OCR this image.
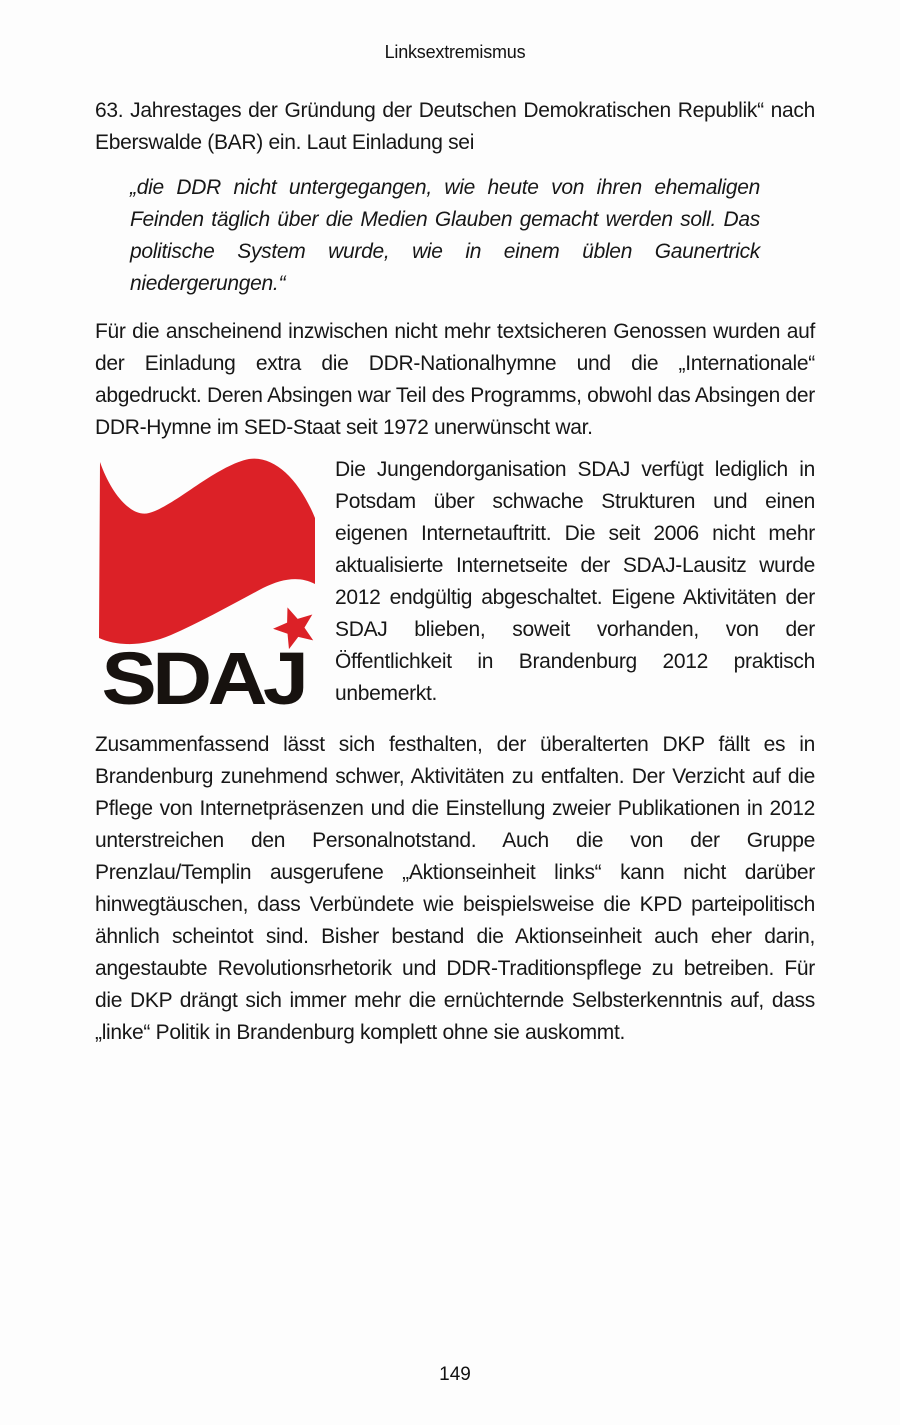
Linksextremismus

63. Jahrestages der Gründung der Deutschen Demokratischen Republik“ nach Eberswalde (BAR) ein. Laut Einladung sei

„die DDR nicht untergegangen, wie heute von ihren ehemaligen Feinden täglich über die Medien Glauben gemacht werden soll. Das politische System wurde, wie in einem üblen Gaunertrick niedergerungen.“

Für die anscheinend inzwischen nicht mehr textsicheren Genossen wurden auf der Einladung extra die DDR-Nationalhymne und die „Internationale“ abgedruckt. Deren Absingen war Teil des Programms, obwohl das Absingen der DDR-Hymne im SED-Staat seit 1972 unerwünscht war.

SDAJ

Die Jungendorganisation SDAJ verfügt lediglich in Potsdam über schwache Strukturen und einen eigenen Internetauftritt. Die seit 2006 nicht mehr aktualisierte Internetseite der SDAJ-Lausitz wurde 2012 endgültig abgeschaltet. Eigene Aktivitäten der SDAJ blieben, soweit vorhanden, von der Öffentlichkeit in Brandenburg 2012 praktisch unbemerkt.

Zusammenfassend lässt sich festhalten, der überalterten DKP fällt es in Brandenburg zunehmend schwer, Aktivitäten zu entfalten. Der Verzicht auf die Pflege von Internetpräsenzen und die Einstellung zweier Publikationen in 2012 unterstreichen den Personalnotstand. Auch die von der Gruppe Prenzlau/Templin ausgerufene „Aktionseinheit links“ kann nicht darüber hinwegtäuschen, dass Verbündete wie beispielsweise die KPD parteipolitisch ähnlich scheintot sind. Bisher bestand die Aktionseinheit auch eher darin, angestaubte Revolutionsrhetorik und DDR-Traditionspflege zu betreiben. Für die DKP drängt sich immer mehr die ernüchternde Selbsterkenntnis auf, dass „linke“ Politik in Brandenburg komplett ohne sie auskommt.

149
